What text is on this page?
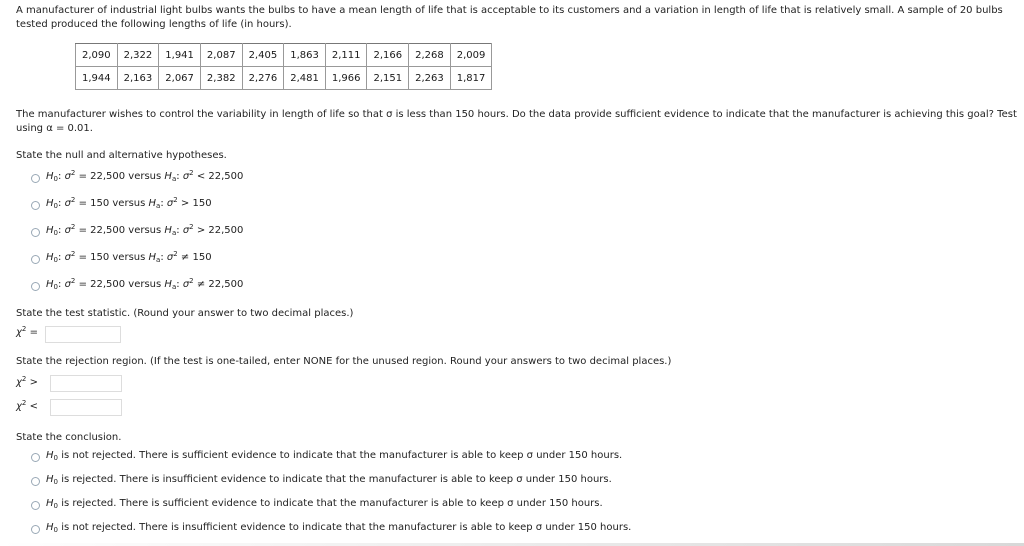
A manufacturer of industrial light bulbs wants the bulbs to have a mean length of life that is acceptable to its customers and a variation in length of life that is relatively small. A sample of 20 bulbs
tested produced the following lengths of life (in hours).
2,090	2,322	1,941	2,087	2,405	1,863	2,111	2,166	2,268	2,009
1,944	2,163	2,067	2,382	2,276	2,481	1,966	2,151	2,263	1,817
The manufacturer wishes to control the variability in length of life so that σ is less than 150 hours. Do the data provide sufficient evidence to indicate that the manufacturer is achieving this goal? Test
using α = 0.01.
State the null and alternative hypotheses.
$H_0$: $\sigma^2 = 22,500$ versus $H_a$: $\sigma^2 < 22,500$
$H_0$: $\sigma^2 = 150$ versus $H_a$: $\sigma^2 > 150$
$H_0$: $\sigma^2 = 22,500$ versus $H_a$: $\sigma^2 > 22,500$
$H_0$: $\sigma^2 = 150$ versus $H_a$: $\sigma^2 \ne 150$
$H_0$: $\sigma^2 = 22,500$ versus $H_a$: $\sigma^2 \ne 22,500$
State the test statistic. (Round your answer to two decimal places.)
$\chi^2$ =
State the rejection region. (If the test is one-tailed, enter NONE for the unused region. Round your answers to two decimal places.)
$\chi^2$ >
$\chi^2$ <
State the conclusion.
$H_0$ is not rejected. There is sufficient evidence to indicate that the manufacturer is able to keep σ under 150 hours.
$H_0$ is rejected. There is insufficient evidence to indicate that the manufacturer is able to keep σ under 150 hours.
$H_0$ is rejected. There is sufficient evidence to indicate that the manufacturer is able to keep σ under 150 hours.
$H_0$ is not rejected. There is insufficient evidence to indicate that the manufacturer is able to keep σ under 150 hours.
